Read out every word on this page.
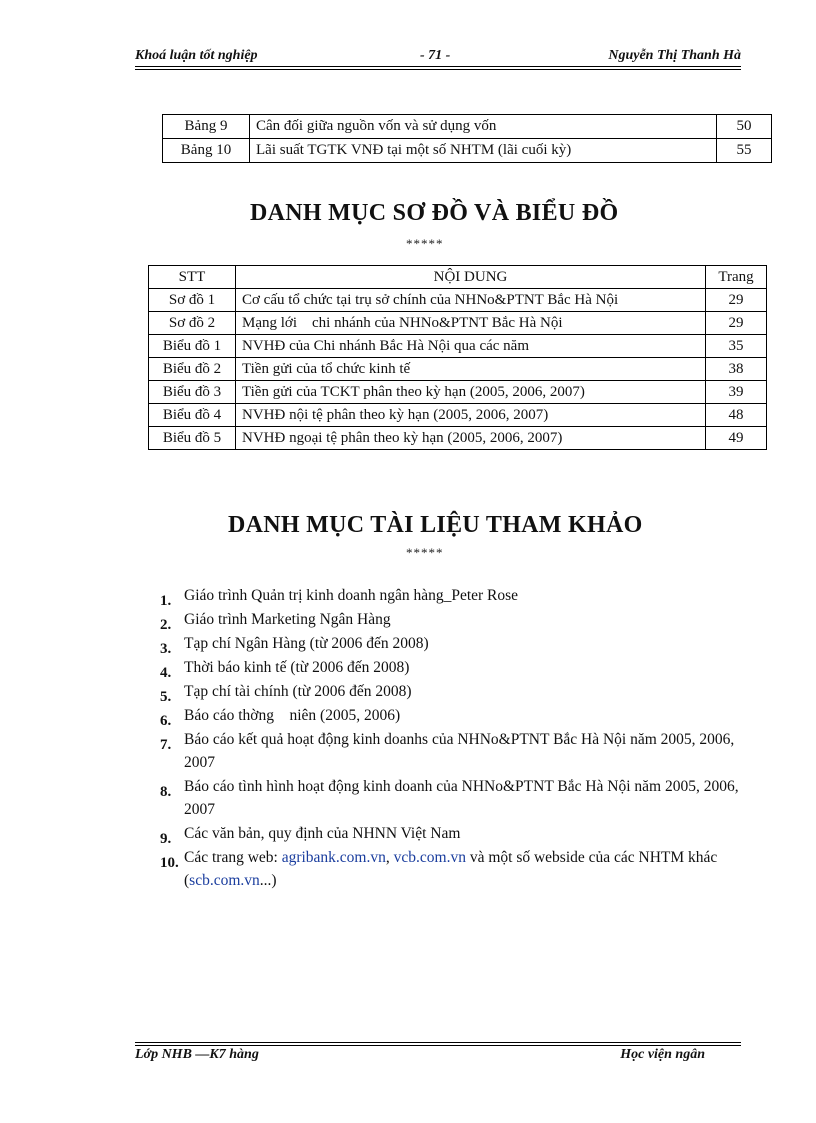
Khoá luận tốt nghiệp	- 71 -	Nguyễn Thị Thanh Hà
Bảng 9	Cân đối giữa nguồn vốn và sử dụng vốn	50
Bảng 10	Lãi suất TGTK VNĐ tại một số NHTM (lãi cuối kỳ)	55
DANH MỤC SƠ ĐỒ VÀ BIỂU ĐỒ
*****
STT	NỘI DUNG	Trang
Sơ đồ 1	Cơ cấu tổ chức tại trụ sở chính của NHNo&PTNT Bắc Hà Nội	29
Sơ đồ 2	Mạng lới    chi nhánh của NHNo&PTNT Bắc Hà Nội	29
Biểu đồ 1	NVHĐ của Chi nhánh Bắc Hà Nội qua các năm	35
Biểu đồ 2	Tiền gửi của tổ chức kinh tế	38
Biểu đồ 3	Tiền gửi của TCKT phân theo kỳ hạn (2005, 2006, 2007)	39
Biểu đồ 4	NVHĐ nội tệ phân theo kỳ hạn (2005, 2006, 2007)	48
Biểu đồ 5	NVHĐ ngoại tệ phân theo kỳ hạn (2005, 2006, 2007)	49
DANH MỤC TÀI LIỆU THAM KHẢO
*****
1. Giáo trình Quản trị kinh doanh ngân hàng_Peter Rose
2. Giáo trình Marketing Ngân Hàng
3. Tạp chí Ngân Hàng (từ 2006 đến 2008)
4. Thời báo kinh tế (từ 2006 đến 2008)
5. Tạp chí tài chính (từ 2006 đến 2008)
6. Báo cáo thờng    niên (2005, 2006)
7. Báo cáo kết quả hoạt động kinh doanhs của NHNo&PTNT Bắc Hà Nội năm 2005, 2006, 2007
8. Báo cáo tình hình hoạt động kinh doanh của NHNo&PTNT Bắc Hà Nội năm 2005, 2006, 2007
9. Các văn bản, quy định của NHNN Việt Nam
10. Các trang web: agribank.com.vn, vcb.com.vn và một số webside của các NHTM khác (scb.com.vn...)
Lớp NHB —K7 hàng	Học viện ngân
